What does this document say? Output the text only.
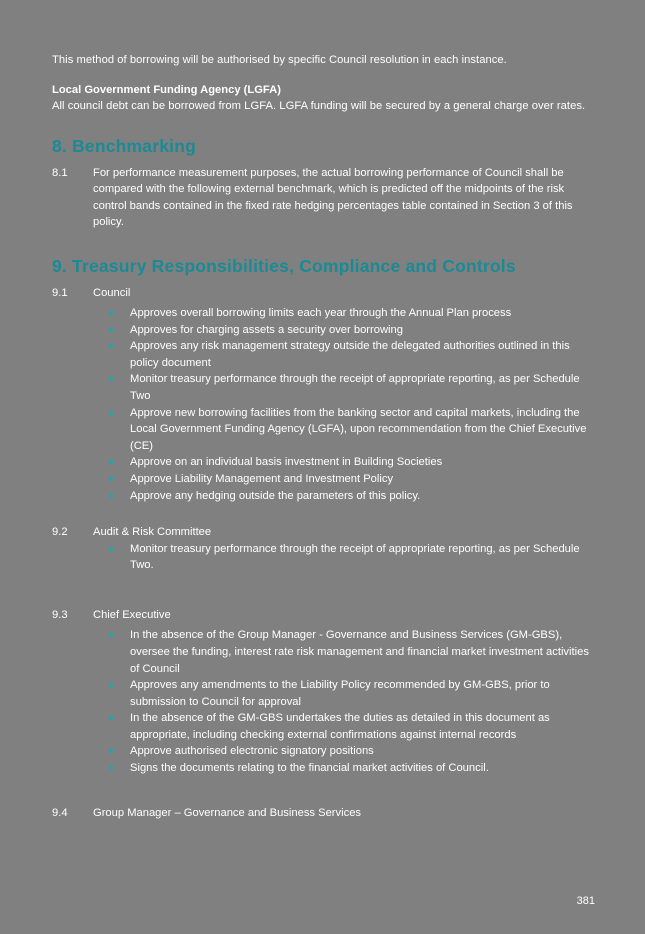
This method of borrowing will be authorised by specific Council resolution in each instance.

Local Government Funding Agency (LGFA)

All council debt can be borrowed from LGFA. LGFA funding will be secured by a general charge over rates.

8. Benchmarking
8.1	For performance measurement purposes, the actual borrowing performance of Council shall be compared with the following external benchmark, which is predicted off the midpoints of the risk control bands contained in the fixed rate hedging percentages table contained in Section 3 of this policy.
9. Treasury Responsibilities, Compliance and Controls
9.1	Council
Approves overall borrowing limits each year through the Annual Plan process
Approves for charging assets a security over borrowing
Approves any risk management strategy outside the delegated authorities outlined in this policy document
Monitor treasury performance through the receipt of appropriate reporting, as per Schedule Two
Approve new borrowing facilities from the banking sector and capital markets, including the Local Government Funding Agency (LGFA), upon recommendation from the Chief Executive (CE)
Approve on an individual basis investment in Building Societies
Approve Liability Management and Investment Policy
Approve any hedging outside the parameters of this policy.
9.2	Audit & Risk Committee
Monitor treasury performance through the receipt of appropriate reporting, as per Schedule Two.
9.3	Chief Executive
In the absence of the Group Manager - Governance and Business Services (GM-GBS), oversee the funding, interest rate risk management and financial market investment activities of Council
Approves any amendments to the Liability Policy recommended by GM-GBS, prior to submission to Council for approval
In the absence of the GM-GBS undertakes the duties as detailed in this document as appropriate, including checking external confirmations against internal records
Approve authorised electronic signatory positions
Signs the documents relating to the financial market activities of Council.
9.4	Group Manager – Governance and Business Services
381
